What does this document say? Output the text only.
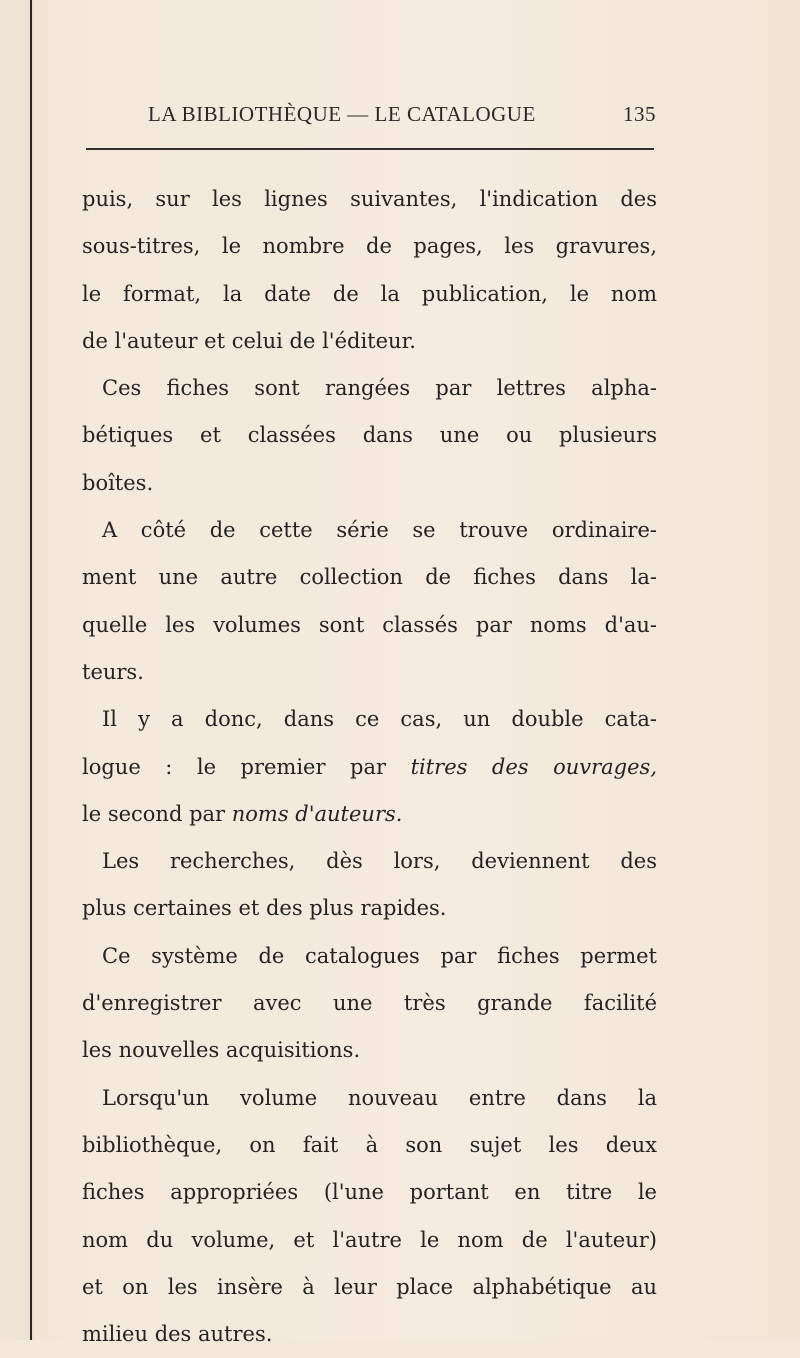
LA BIBLIOTHÈQUE — LE CATALOGUE	135
puis, sur les lignes suivantes, l'indication des
sous-titres, le nombre de pages, les gravures,
le format, la date de la publication, le nom
de l'auteur et celui de l'éditeur.
Ces fiches sont rangées par lettres alpha-
bétiques et classées dans une ou plusieurs
boîtes.
A côté de cette série se trouve ordinaire-
ment une autre collection de fiches dans la-
quelle les volumes sont classés par noms d'au-
teurs.
Il y a donc, dans ce cas, un double cata-
logue : le premier par titres des ouvrages,
le second par noms d'auteurs.
Les recherches, dès lors, deviennent des
plus certaines et des plus rapides.
Ce système de catalogues par fiches permet
d'enregistrer avec une très grande facilité
les nouvelles acquisitions.
Lorsqu'un volume nouveau entre dans la
bibliothèque, on fait à son sujet les deux
fiches appropriées (l'une portant en titre le
nom du volume, et l'autre le nom de l'auteur)
et on les insère à leur place alphabétique au
milieu des autres.
